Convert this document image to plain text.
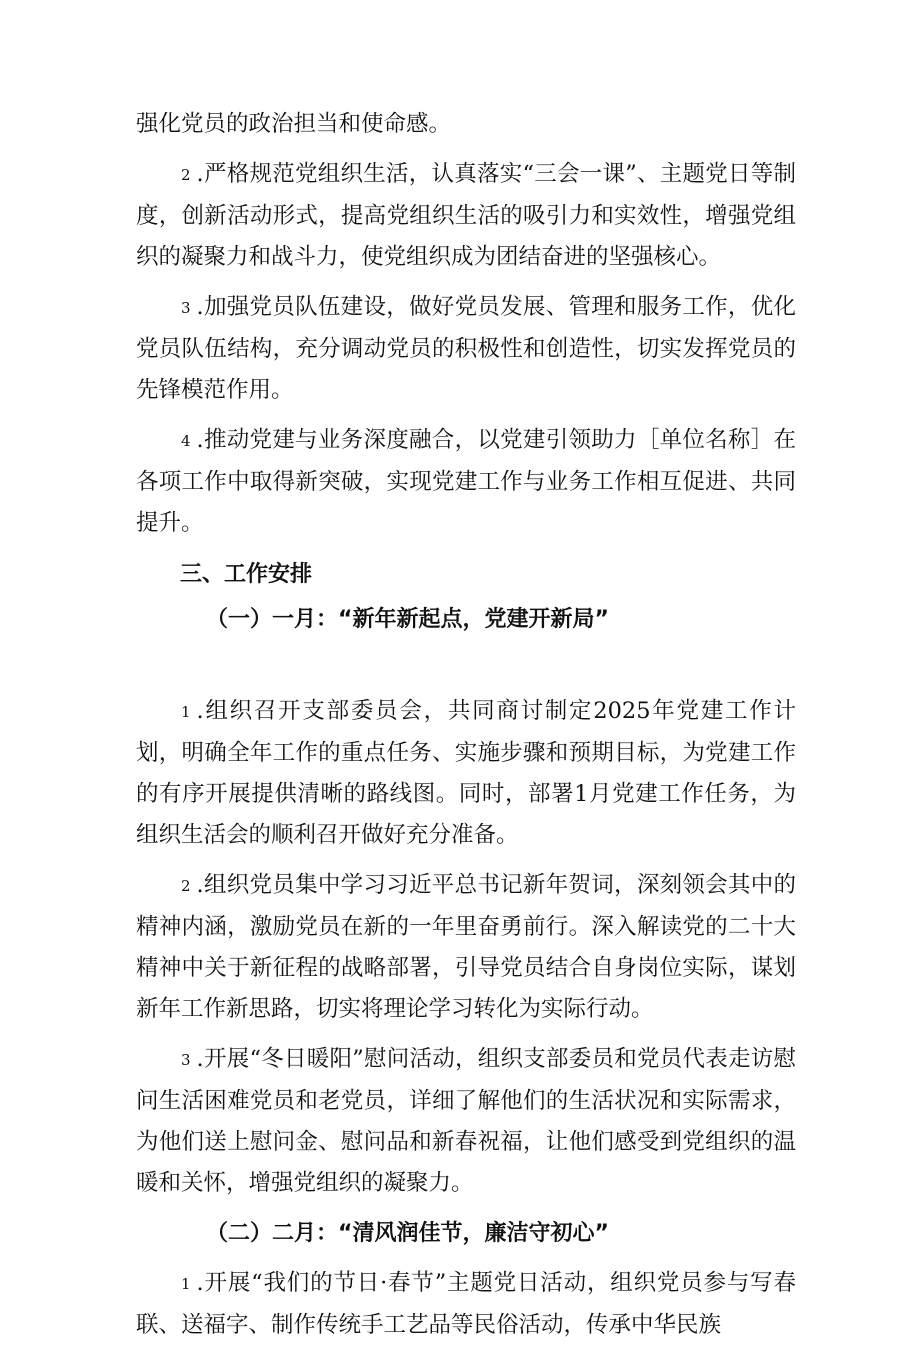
强化党员的政治担当和使命感。

2 .严格规范党组织生活，认真落实“三会一课”、主题党日等制度，创新活动形式，提高党组织生活的吸引力和实效性，增强党组织的凝聚力和战斗力，使党组织成为团结奋进的坚强核心。

3 .加强党员队伍建设，做好党员发展、管理和服务工作，优化党员队伍结构，充分调动党员的积极性和创造性，切实发挥党员的先锋模范作用。

4 .推动党建与业务深度融合，以党建引领助力［单位名称］在各项工作中取得新突破，实现党建工作与业务工作相互促进、共同提升。

三、工作安排
（一）一月：“新年新起点，党建开新局”

1 .组织召开支部委员会，共同商讨制定2025年党建工作计划，明确全年工作的重点任务、实施步骤和预期目标，为党建工作的有序开展提供清晰的路线图。同时，部署1月党建工作任务，为组织生活会的顺利召开做好充分准备。

2 .组织党员集中学习习近平总书记新年贺词，深刻领会其中的精神内涵，激励党员在新的一年里奋勇前行。深入解读党的二十大精神中关于新征程的战略部署，引导党员结合自身岗位实际，谋划新年工作新思路，切实将理论学习转化为实际行动。

3 .开展“冬日暖阳”慰问活动，组织支部委员和党员代表走访慰问生活困难党员和老党员，详细了解他们的生活状况和实际需求，为他们送上慰问金、慰问品和新春祝福，让他们感受到党组织的温暖和关怀，增强党组织的凝聚力。

（二）二月：“清风润佳节，廉洁守初心”

1 .开展“我们的节日·春节”主题党日活动，组织党员参与写春联、送福字、制作传统手工艺品等民俗活动，传承中华民族
